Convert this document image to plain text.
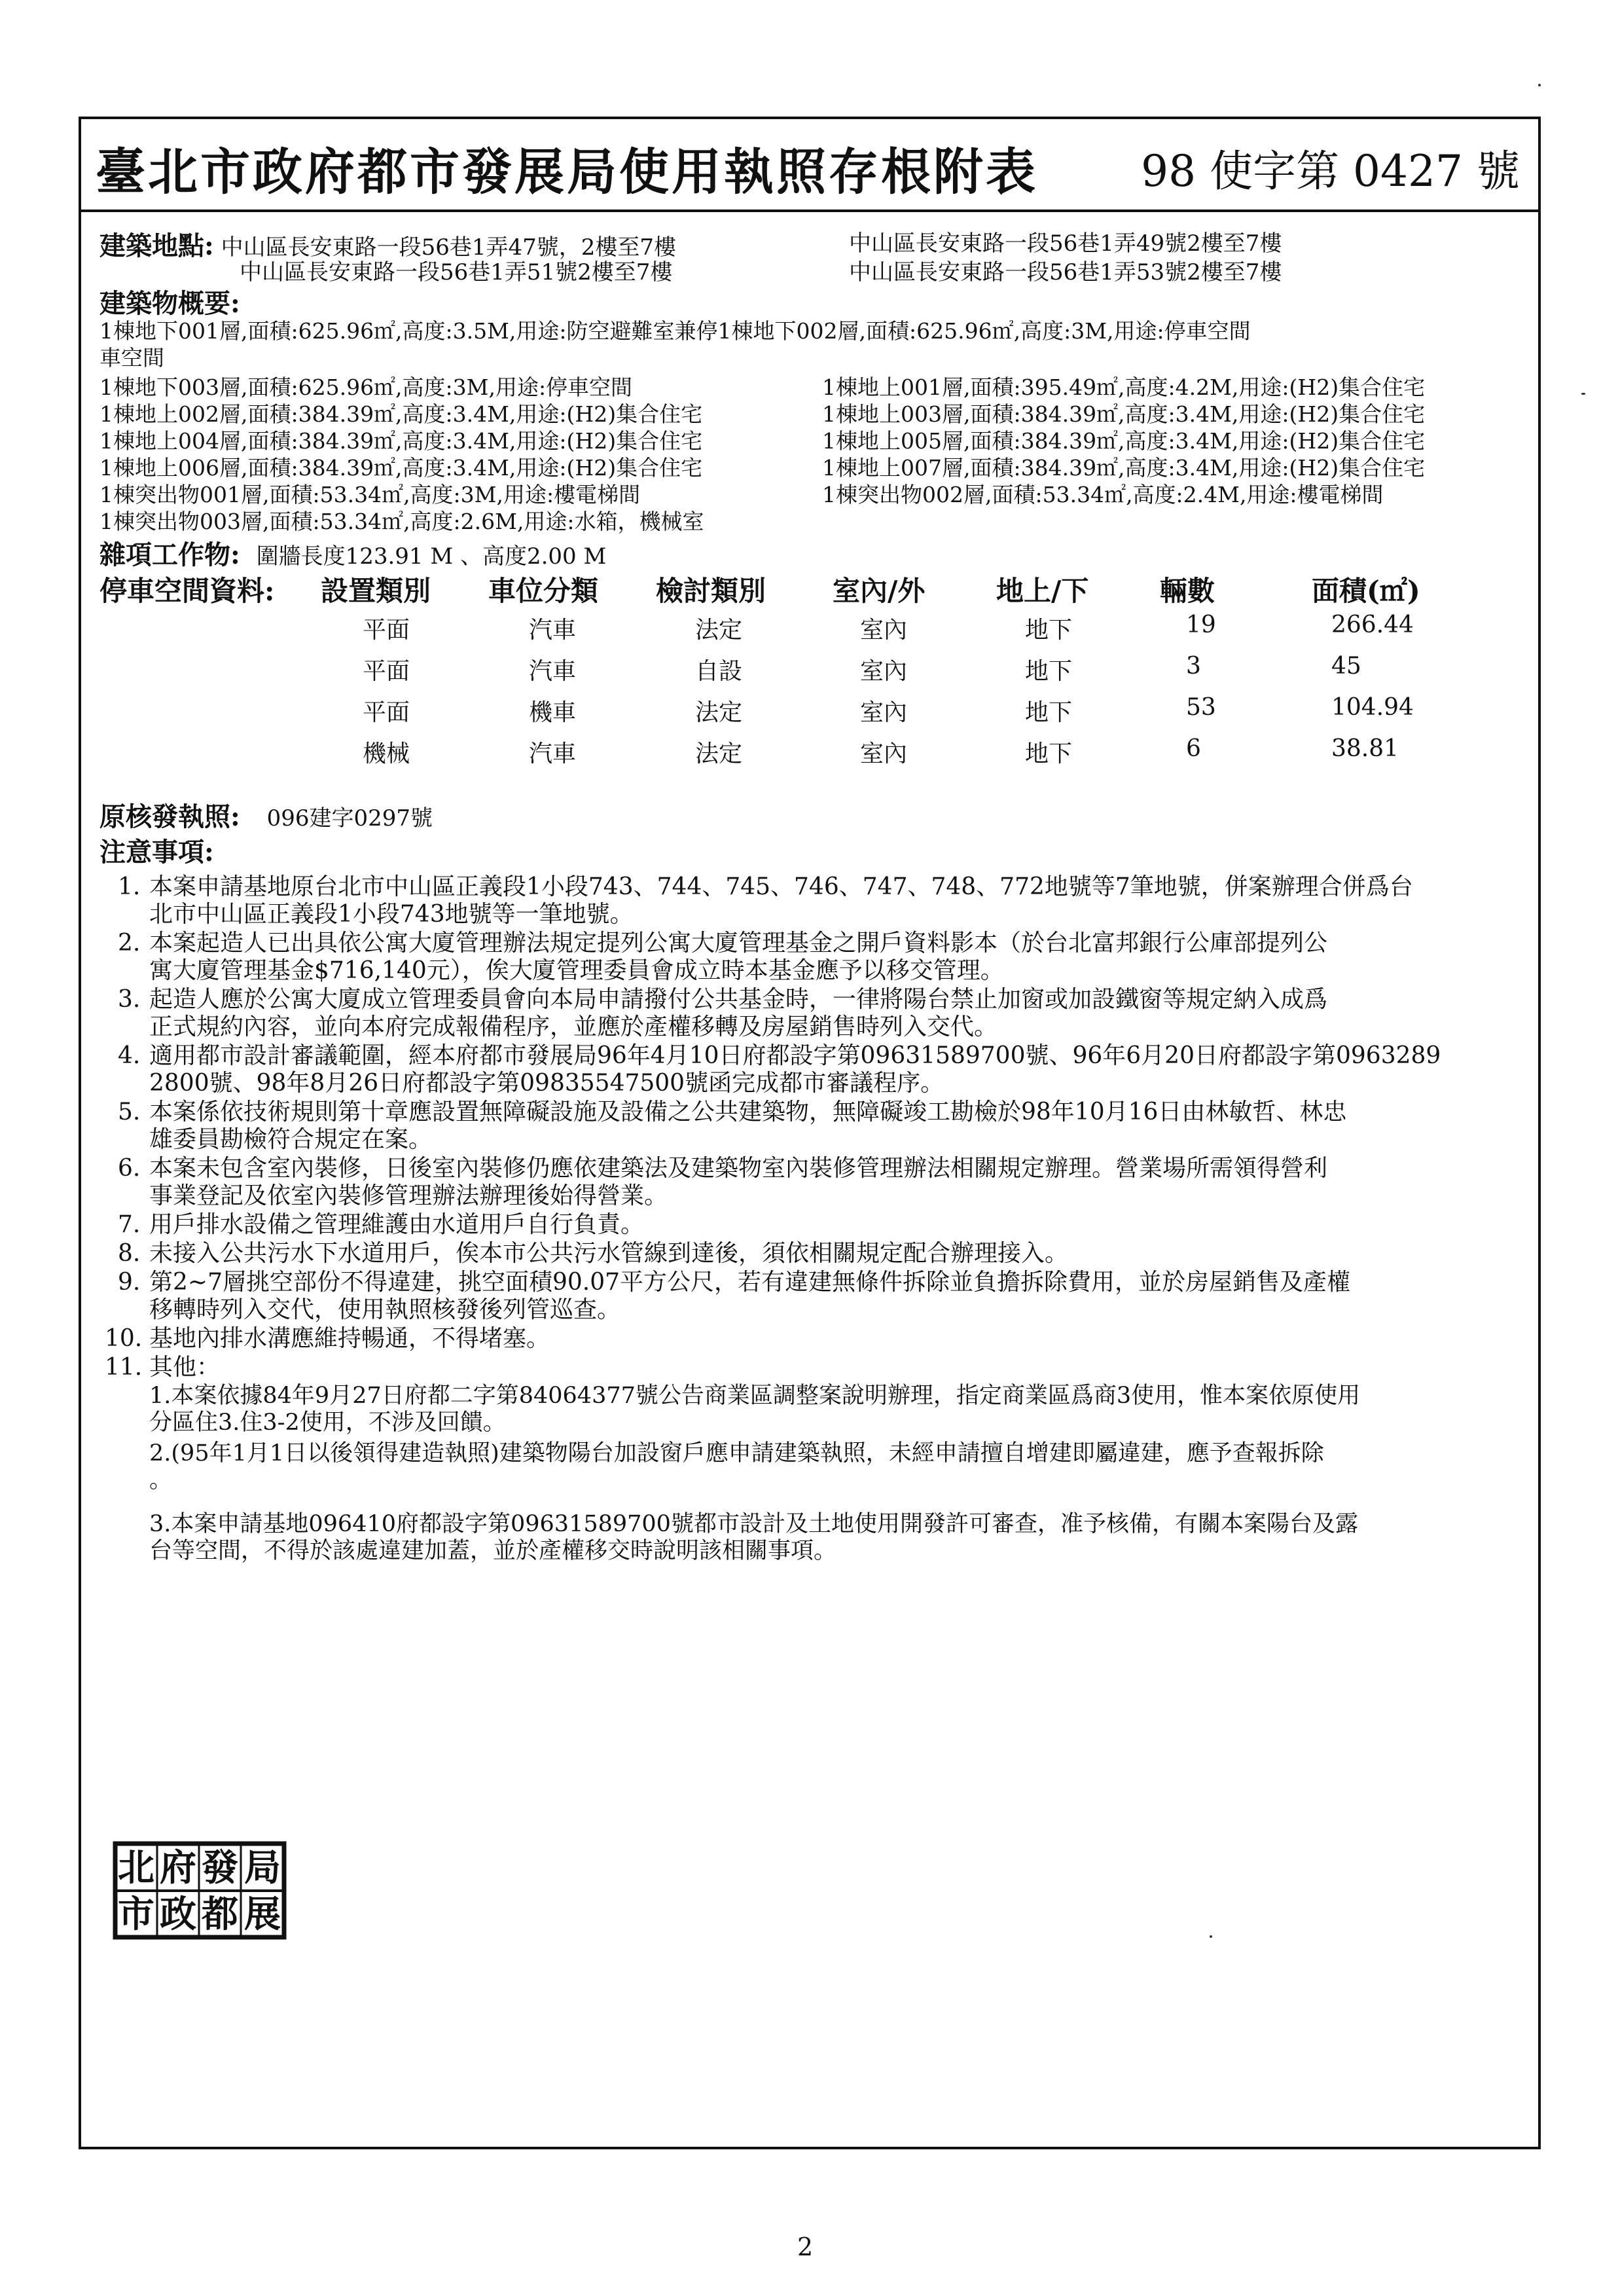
臺北市政府都市發展局使用執照存根附表 98 使字第 0427 號
建築地點: 中山區長安東路一段56巷1弄47號，2樓至7樓	中山區長安東路一段56巷1弄49號2樓至7樓
中山區長安東路一段56巷1弄51號2樓至7樓	中山區長安東路一段56巷1弄53號2樓至7樓
建築物概要:
1棟地下001層,面積:625.96㎡,高度:3.5M,用途:防空避難室兼停1棟地下002層,面積:625.96㎡,高度:3M,用途:停車空間
車空間
1棟地下003層,面積:625.96㎡,高度:3M,用途:停車空間	1棟地上001層,面積:395.49㎡,高度:4.2M,用途:(H2)集合住宅
1棟地上002層,面積:384.39㎡,高度:3.4M,用途:(H2)集合住宅	1棟地上003層,面積:384.39㎡,高度:3.4M,用途:(H2)集合住宅
1棟地上004層,面積:384.39㎡,高度:3.4M,用途:(H2)集合住宅	1棟地上005層,面積:384.39㎡,高度:3.4M,用途:(H2)集合住宅
1棟地上006層,面積:384.39㎡,高度:3.4M,用途:(H2)集合住宅	1棟地上007層,面積:384.39㎡,高度:3.4M,用途:(H2)集合住宅
1棟突出物001層,面積:53.34㎡,高度:3M,用途:樓電梯間	1棟突出物002層,面積:53.34㎡,高度:2.4M,用途:樓電梯間
1棟突出物003層,面積:53.34㎡,高度:2.6M,用途:水箱，機械室
雜項工作物: 圍牆長度123.91 M 、高度2.00 M
停車空間資料: 設置類別 車位分類 檢討類別 室內/外	地上/下	輛數	面積(㎡)
平面	汽車	法定	室內	地下	19	266.44
平面	汽車	自設	室內	地下	3	45
平面	機車	法定	室內	地下	53	104.94
機械	汽車	法定	室內	地下	6	38.81
原核發執照: 096建字0297號
注意事項:
1. 本案申請基地原台北市中山區正義段1小段743、744、745、746、747、748、772地號等7筆地號，併案辦理合併爲台
北市中山區正義段1小段743地號等一筆地號。
2. 本案起造人已出具依公寓大廈管理辦法規定提列公寓大廈管理基金之開戶資料影本（於台北富邦銀行公庫部提列公
寓大廈管理基金$716,140元），俟大廈管理委員會成立時本基金應予以移交管理。
3. 起造人應於公寓大廈成立管理委員會向本局申請撥付公共基金時，一律將陽台禁止加窗或加設鐵窗等規定納入成爲
正式規約內容，並向本府完成報備程序，並應於產權移轉及房屋銷售時列入交代。
4. 適用都市設計審議範圍，經本府都市發展局96年4月10日府都設字第09631589700號、96年6月20日府都設字第0963289
2800號、98年8月26日府都設字第09835547500號函完成都市審議程序。
5. 本案係依技術規則第十章應設置無障礙設施及設備之公共建築物，無障礙竣工勘檢於98年10月16日由林敏哲、林忠
雄委員勘檢符合規定在案。
6. 本案未包含室內裝修，日後室內裝修仍應依建築法及建築物室內裝修管理辦法相關規定辦理。營業場所需領得營利
事業登記及依室內裝修管理辦法辦理後始得營業。
7. 用戶排水設備之管理維護由水道用戶自行負責。
8. 未接入公共污水下水道用戶，俟本市公共污水管線到達後，須依相關規定配合辦理接入。
9. 第2~7層挑空部份不得違建，挑空面積90.07平方公尺，若有違建無條件拆除並負擔拆除費用，並於房屋銷售及產權
移轉時列入交代，使用執照核發後列管巡查。
10. 基地內排水溝應維持暢通，不得堵塞。
11. 其他：
1.本案依據84年9月27日府都二字第84064377號公告商業區調整案說明辦理，指定商業區爲商3使用，惟本案依原使用
分區住3.住3-2使用，不涉及回饋。
2.(95年1月1日以後領得建造執照)建築物陽台加設窗戶應申請建築執照，未經申請擅自增建即屬違建，應予查報拆除
。
3.本案申請基地096410府都設字第09631589700號都市設計及土地使用開發許可審查，准予核備，有關本案陽台及露
台等空間，不得於該處違建加蓋，並於產權移交時說明該相關事項。
北 府 發 局
市 政 都 展
2
